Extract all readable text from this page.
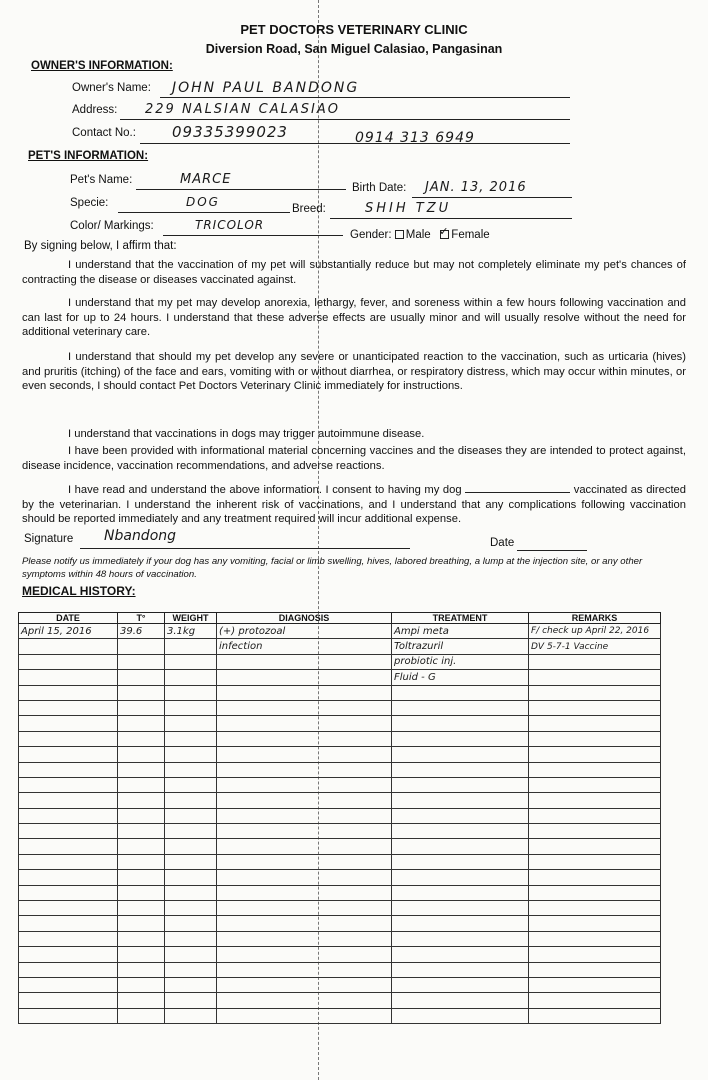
PET DOCTORS VETERINARY CLINIC
Diversion Road, San Miguel Calasiao, Pangasinan
OWNER'S INFORMATION:
Owner's Name: JOHN PAUL BANDONG
Address: 229 NALSIAN CALASIAO
Contact No.: 09335399023	0914 313 6949
PET'S INFORMATION:
Pet's Name:	MARCE
Birth Date: JAN. 13, 2016
Specie:	DOG	Breed:	SHIH TZU
Color/ Markings:	TRICOLOR
Gender: Male ✓ Female
By signing below, I affirm that:
I understand that the vaccination of my pet will substantially reduce but may not completely eliminate my pet's chances of contracting the disease or diseases vaccinated against.
I understand that my pet may develop anorexia, lethargy, fever, and soreness within a few hours following vaccination and can last for up to 24 hours. I understand that these adverse effects are usually minor and will usually resolve without the need for additional veterinary care.
I understand that should my pet develop any severe or unanticipated reaction to the vaccination, such as urticaria (hives) and pruritis (itching) of the face and ears, vomiting with or without diarrhea, or respiratory distress, which may occur within minutes, or even seconds, I should contact Pet Doctors Veterinary Clinic immediately for instructions.
I understand that vaccinations in dogs may trigger autoimmune disease.
I have been provided with informational material concerning vaccines and the diseases they are intended to protect against, disease incidence, vaccination recommendations, and adverse reactions.
I have read and understand the above information. I consent to having my dog	vaccinated as directed by the veterinarian. I understand the inherent risk of vaccinations, and I understand that any complications following vaccination should be reported immediately and any treatment required will incur additional expense.
Signature Nbandong	Date
Please notify us immediately if your dog has any vomiting, facial or limb swelling, hives, labored breathing, a lump at the injection site, or any other symptoms within 48 hours of vaccination.
MEDICAL HISTORY:
DATE	T°	WEIGHT	DIAGNOSIS	TREATMENT	REMARKS
April 15, 2016	39.6	3.1kg	(+) protozoal	Ampi meta	F/ check up April 22, 2016
			infection	Toltrazuril	DV 5-7-1 Vaccine
				probiotic inj.	
				Fluid - G	
